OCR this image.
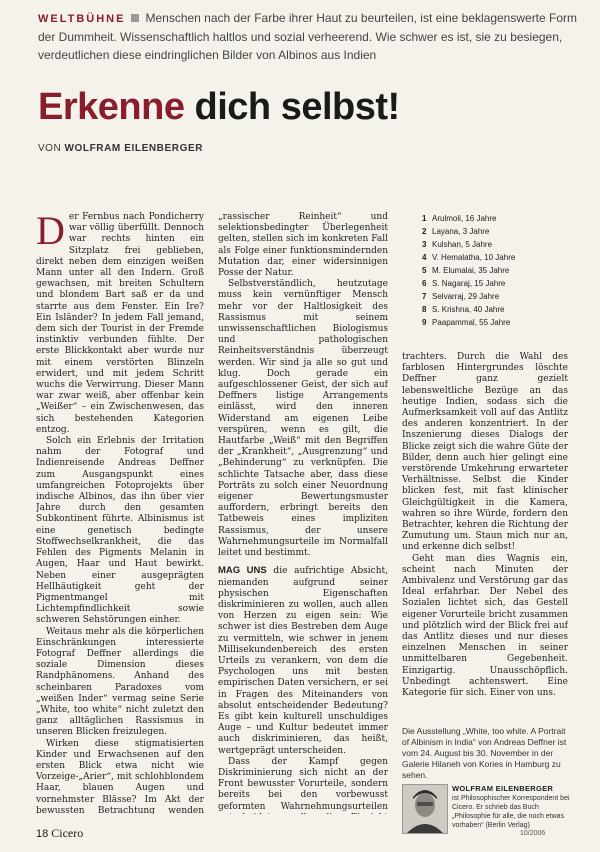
WELTBÜHNE Menschen nach der Farbe ihrer Haut zu beurteilen, ist eine beklagenswerte Form der Dummheit. Wissenschaftlich haltlos und sozial verheerend. Wie schwer es ist, sie zu besiegen, verdeutlichen diese eindringlichen Bilder von Albinos aus Indien
Erkenne dich selbst!
VON WOLFRAM EILENBERGER

Der Fernbus nach Pondicherry war völlig überfüllt. Dennoch war rechts hinten ein Sitzplatz frei geblieben, direkt neben dem einzigen weißen Mann unter all den Indern. Groß gewachsen, mit breiten Schultern und blondem Bart saß er da und starrte aus dem Fenster. Ein Ire? Ein Isländer? In jedem Fall jemand, dem sich der Tourist in der Fremde instinktiv verbunden fühlte. Der erste Blickkontakt aber wurde nur mit einem verstörten Blinzeln erwidert, und mit jedem Schritt wuchs die Verwirrung. Dieser Mann war zwar weiß, aber offenbar kein „Weißer“ – ein Zwischenwesen, das sich bestehenden Kategorien entzog.

Solch ein Erlebnis der Irritation nahm der Fotograf und Indienreisende Andreas Deffner zum Ausgangspunkt eines umfangreichen Fotoprojekts über indische Albinos, das ihn über vier Jahre durch den gesamten Subkontinent führte. Albinismus ist eine genetisch bedingte Stoffwechselkrankheit, die das Fehlen des Pigments Melanin in Augen, Haar und Haut bewirkt. Neben einer ausgeprägten Hellhäutigkeit geht der Pigmentmangel mit Lichtempfindlichkeit sowie schweren Sehstörungen einher.

Weitaus mehr als die körperlichen Einschränkungen interessierte Fotograf Deffner allerdings die soziale Dimension dieses Randphänomens. Anhand des scheinbaren Paradoxes vom „weißen Inder“ vermag seine Serie „White, too white“ nicht zuletzt den ganz alltäglichen Rassismus in unseren Blicken freizulegen.

Wirken diese stigmatisierten Kinder und Erwachsenen auf den ersten Blick etwa nicht wie Vorzeige-„Arier“, mit schlohblondem Haar, blauen Augen und vornehmster Blässe? Im Akt der bewussten Betrachtung wenden

„rassischer Reinheit“ und selektionsbedingter Überlegenheit gelten, stellen sich im konkreten Fall als Folge einer funktionsmindernden Mutation dar, einer widersinnigen Posse der Natur.

Selbstverständlich, heutzutage muss kein vernünftiger Mensch mehr vor der Haltlosigkeit des Rassismus mit seinem unwissenschaftlichen Biologismus und pathologischen Reinheitsverständnis überzeugt werden. Wir sind ja alle so gut und klug. Doch gerade ein aufgeschlossener Geist, der sich auf Deffners listige Arrangements einlässt, wird den inneren Widerstand am eigenen Leibe verspüren, wenn es gilt, die Hautfarbe „Weiß“ mit den Begriffen der „Krankheit“, „Ausgrenzung“ und „Behinderung“ zu verknüpfen. Die schlichte Tatsache aber, dass diese Porträts zu solch einer Neuordnung eigener Bewertungsmuster auffordern, erbringt bereits den Tatbeweis eines impliziten Rassismus, der unsere Wahrnehmungsurteile im Normalfall leitet und bestimmt.

MAG UNS die aufrichtige Absicht, niemanden aufgrund seiner physischen Eigenschaften diskriminieren zu wollen, auch allen von Herzen zu eigen sein: Wie schwer ist dies Bestreben dem Auge zu vermitteln, wie schwer in jenem Millisekundenbereich des ersten Urteils zu verankern, von dem die Psychologen uns mit besten empirischen Daten versichern, er sei in Fragen des Miteinanders von absolut entscheidender Bedeutung? Es gibt kein kulturell unschuldiges Auge – und Kultur bedeutet immer auch diskriminieren, das heißt, wertgeprägt unterscheiden.

Dass der Kampf gegen Diskriminierung sich nicht an der Front bewusster Vorurteile, sondern bereits bei den vorbewusst geformten Wahrnehmungsurteilen

1 Arulmoli, 16 Jahre
2 Layana, 3 Jahre
3 Kulshan, 5 Jahre
4 V. Hemalatha, 10 Jahre
5 M. Elumalai, 35 Jahre
6 S. Nagaraj, 15 Jahre
7 Selvarraj, 29 Jahre
8 S. Krishna, 40 Jahre
9 Paapammal, 55 Jahre

trachters. Durch die Wahl des farblosen Hintergrundes löschte Deffner ganz gezielt lebensweltliche Bezüge an das heutige Indien, sodass sich die Aufmerksamkeit voll auf das Antlitz des anderen konzentriert. In der Inszenierung dieses Dialogs der Blicke zeigt sich die wahre Güte der Bilder, denn auch hier gelingt eine verstörende Umkehrung erwarteter Verhältnisse. Selbst die Kinder blicken fest, mit fast klinischer Gleichgültigkeit in die Kamera, wahren so ihre Würde, fordern den Betrachter, kehren die Richtung der Zumutung um. Staun mich nur an, und erkenne dich selbst!

Geht man dies Wagnis ein, scheint nach Minuten der Ambivalenz und Verstörung gar das Ideal erfahrbar. Der Nebel des Sozialen lichtet sich, das Gestell eigener Vorurteile bricht zusammen und plötzlich wird der Blick frei auf das Antlitz dieses und nur dieses einzelnen Menschen in seiner unmittelbaren Gegebenheit. Einzigartig. Unausschöpflich. Unbedingt achtenswert. Eine Kategorie für sich. Einer von uns.

Die Ausstellung „White, too white. A Portrait of Albinism in India“ von Andreas Deffner ist vom 24. August bis 30. November in der Galerie Hilaneh von Kories in Hamburg zu sehen.
WOLFRAM EILENBERGER
ist Philosophischer Korrespondent bei Cicero. Er schrieb das Buch „Philosophie für alle, die noch etwas vorhaben“ (Berlin Verlag)
18 Cicero	10/2006
